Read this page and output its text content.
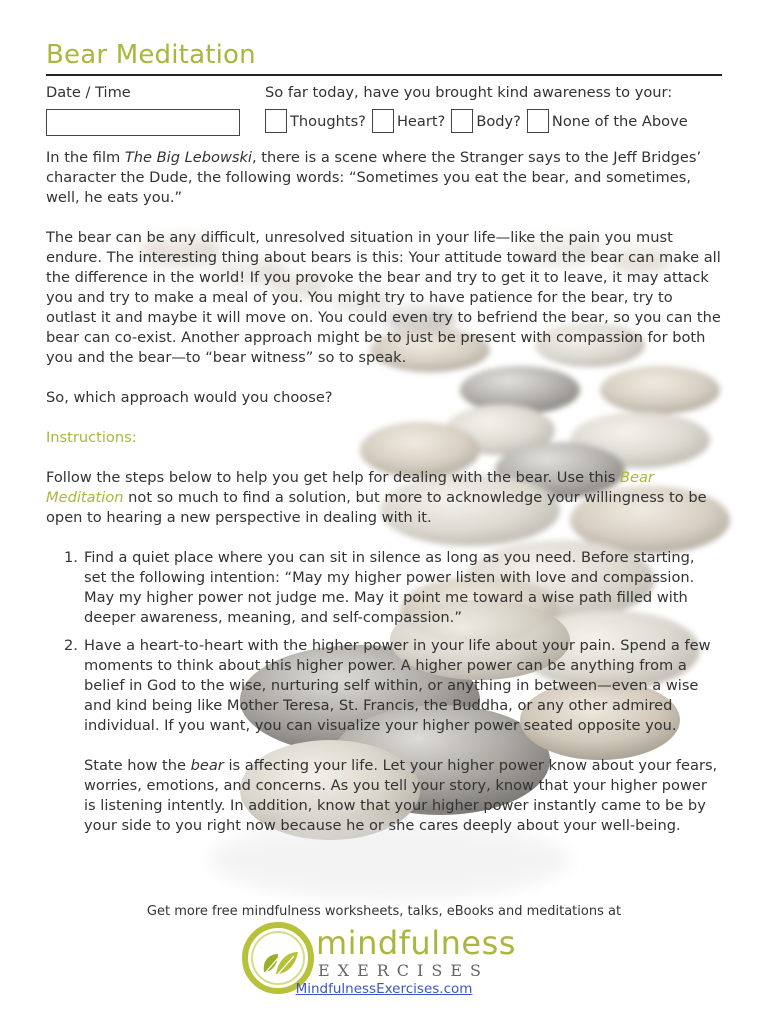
Bear Meditation
Date / Time	So far today, have you brought kind awareness to your:
Thoughts? Heart? Body? None of the Above

In the film The Big Lebowski, there is a scene where the Stranger says to the Jeff Bridges’ character the Dude, the following words: “Sometimes you eat the bear, and sometimes, well, he eats you.”

The bear can be any difficult, unresolved situation in your life—like the pain you must endure. The interesting thing about bears is this: Your attitude toward the bear can make all the difference in the world! If you provoke the bear and try to get it to leave, it may attack you and try to make a meal of you. You might try to have patience for the bear, try to outlast it and maybe it will move on. You could even try to befriend the bear, so you can the bear can co-exist. Another approach might be to just be present with compassion for both you and the bear—to “bear witness” so to speak.

So, which approach would you choose?

Instructions:

Follow the steps below to help you get help for dealing with the bear. Use this Bear Meditation not so much to find a solution, but more to acknowledge your willingness to be open to hearing a new perspective in dealing with it.

1. Find a quiet place where you can sit in silence as long as you need. Before starting, set the following intention: “May my higher power listen with love and compassion. May my higher power not judge me. May it point me toward a wise path filled with deeper awareness, meaning, and self-compassion.”

2. Have a heart-to-heart with the higher power in your life about your pain. Spend a few moments to think about this higher power. A higher power can be anything from a belief in God to the wise, nurturing self within, or anything in between—even a wise and kind being like Mother Teresa, St. Francis, the Buddha, or any other admired individual. If you want, you can visualize your higher power seated opposite you.

State how the bear is affecting your life. Let your higher power know about your fears, worries, emotions, and concerns. As you tell your story, know that your higher power is listening intently. In addition, know that your higher power instantly came to be by your side to you right now because he or she cares deeply about your well-being.

Get more free mindfulness worksheets, talks, eBooks and meditations at
mindfulness
EXERCISES
MindfulnessExercises.com
